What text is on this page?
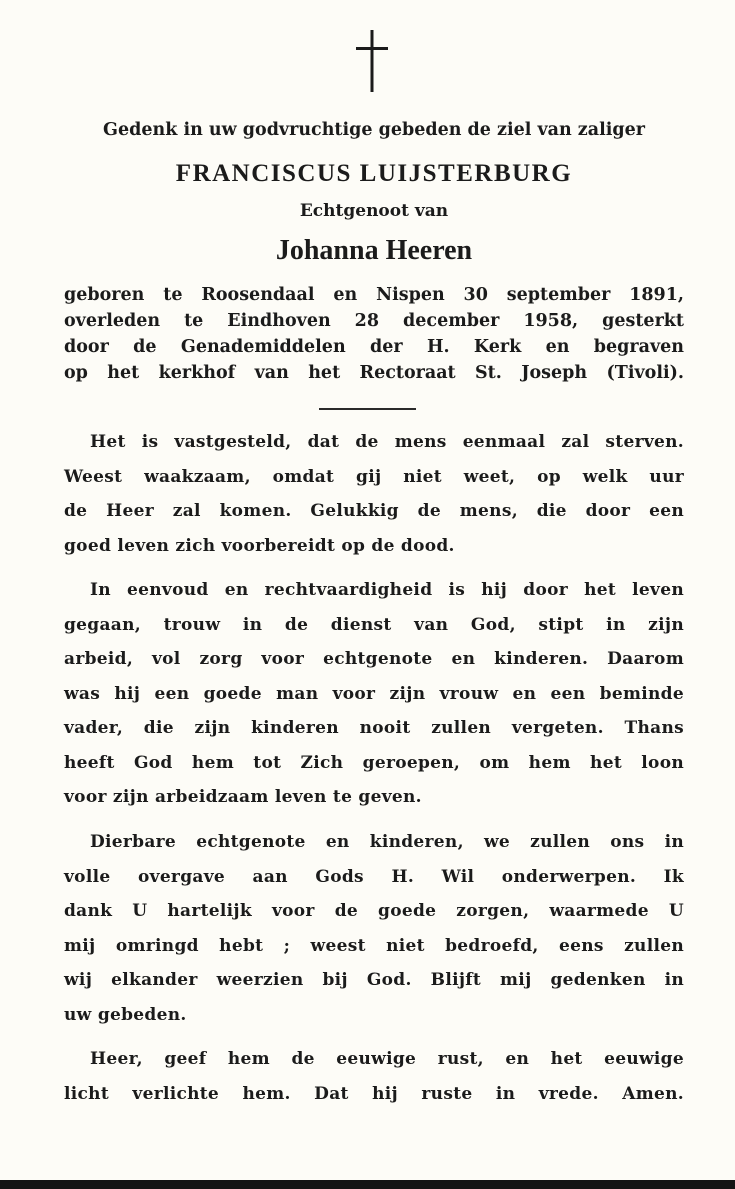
Gedenk in uw godvruchtige gebeden de ziel van zaliger
FRANCISCUS LUIJSTERBURG
Echtgenoot van
Johanna Heeren
geboren te Roosendaal en Nispen 30 september 1891,
overleden te Eindhoven 28 december 1958, gesterkt
door de Genademiddelen der H. Kerk en begraven
op het kerkhof van het Rectoraat St. Joseph (Tivoli).
Het is vastgesteld, dat de mens eenmaal zal sterven.
Weest waakzaam, omdat gij niet weet, op welk uur
de Heer zal komen. Gelukkig de mens, die door een
goed leven zich voorbereidt op de dood.
In eenvoud en rechtvaardigheid is hij door het leven
gegaan, trouw in de dienst van God, stipt in zijn
arbeid, vol zorg voor echtgenote en kinderen. Daarom
was hij een goede man voor zijn vrouw en een beminde
vader, die zijn kinderen nooit zullen vergeten. Thans
heeft God hem tot Zich geroepen, om hem het loon
voor zijn arbeidzaam leven te geven.
Dierbare echtgenote en kinderen, we zullen ons in
volle overgave aan Gods H. Wil onderwerpen. Ik
dank U hartelijk voor de goede zorgen, waarmede U
mij omringd hebt ; weest niet bedroefd, eens zullen
wij elkander weerzien bij God. Blijft mij gedenken in
uw gebeden.
Heer, geef hem de eeuwige rust, en het eeuwige
licht verlichte hem. Dat hij ruste in vrede. Amen.
